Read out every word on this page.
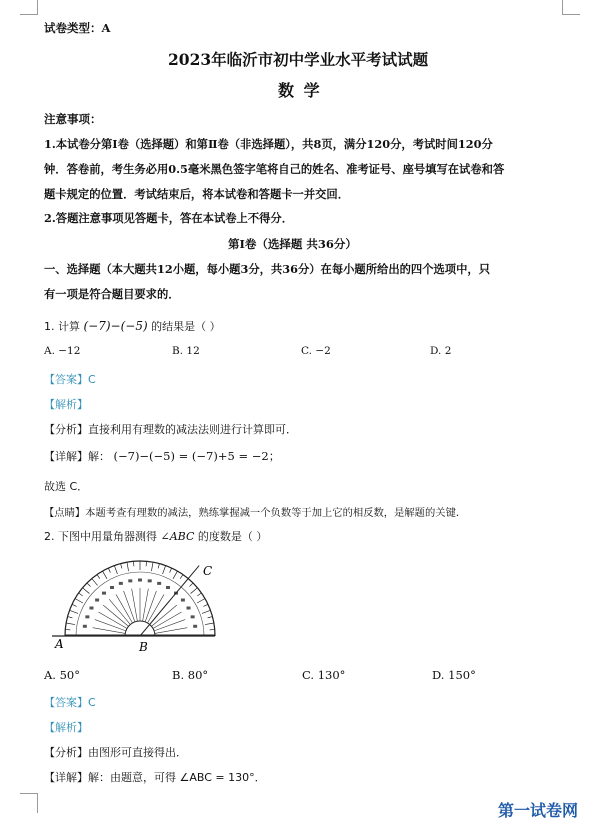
试卷类型：A
2023年临沂市初中学业水平考试试题
数 学
注意事项：
1.本试卷分第Ⅰ卷（选择题）和第Ⅱ卷（非选择题），共8页，满分120分，考试时间120分
钟．答卷前，考生务必用0.5毫米黑色签字笔将自己的姓名、准考证号、座号填写在试卷和答
题卡规定的位置．考试结束后，将本试卷和答题卡一并交回．
2.答题注意事项见答题卡，答在本试卷上不得分．
第Ⅰ卷（选择题 共36分）
一、选择题（本大题共12小题，每小题3分，共36分）在每小题所给出的四个选项中，只
有一项是符合题目要求的．
1. 计算 (−7)−(−5) 的结果是（ ）
A. −12	B. 12	C. −2	D. 2
【答案】C
【解析】
【分析】直接利用有理数的减法法则进行计算即可．
【详解】解： (−7)−(−5) = (−7)+5 = −2；
故选 C．
【点睛】本题考查有理数的减法，熟练掌握减一个负数等于加上它的相反数，是解题的关键．
2. 下图中用量角器测得 ∠ABC 的度数是（ ）
A	B
C
A. 50°	B. 80°	C. 130°	D. 150°
【答案】C
【解析】
【分析】由图形可直接得出．
【详解】解：由题意，可得 ∠ABC = 130°．
第一试卷网
